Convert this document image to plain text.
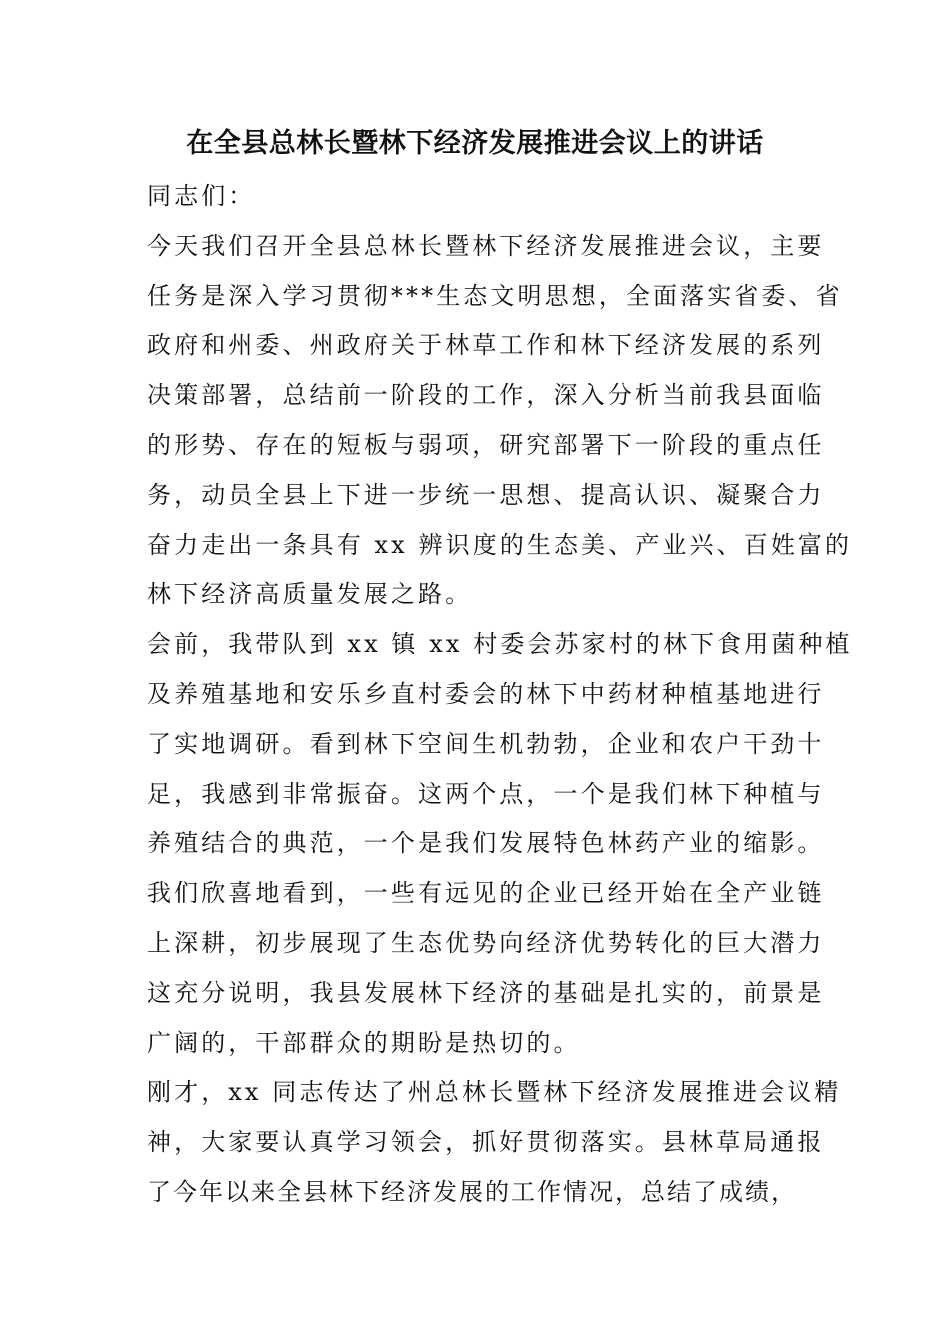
在全县总林长暨林下经济发展推进会议上的讲话
同志们：
今天我们召开全县总林长暨林下经济发展推进会议，主要
任务是深入学习贯彻***生态文明思想，全面落实省委、省
政府和州委、州政府关于林草工作和林下经济发展的系列
决策部署，总结前一阶段的工作，深入分析当前我县面临
的形势、存在的短板与弱项，研究部署下一阶段的重点任
务，动员全县上下进一步统一思想、提高认识、凝聚合力
奋力走出一条具有 xx 辨识度的生态美、产业兴、百姓富的
林下经济高质量发展之路。
会前，我带队到 xx 镇 xx 村委会苏家村的林下食用菌种植
及养殖基地和安乐乡直村委会的林下中药材种植基地进行
了实地调研。看到林下空间生机勃勃，企业和农户干劲十
足，我感到非常振奋。这两个点，一个是我们林下种植与
养殖结合的典范，一个是我们发展特色林药产业的缩影。
我们欣喜地看到，一些有远见的企业已经开始在全产业链
上深耕，初步展现了生态优势向经济优势转化的巨大潜力
这充分说明，我县发展林下经济的基础是扎实的，前景是
广阔的，干部群众的期盼是热切的。
刚才，xx 同志传达了州总林长暨林下经济发展推进会议精
神，大家要认真学习领会，抓好贯彻落实。县林草局通报
了今年以来全县林下经济发展的工作情况，总结了成绩，
